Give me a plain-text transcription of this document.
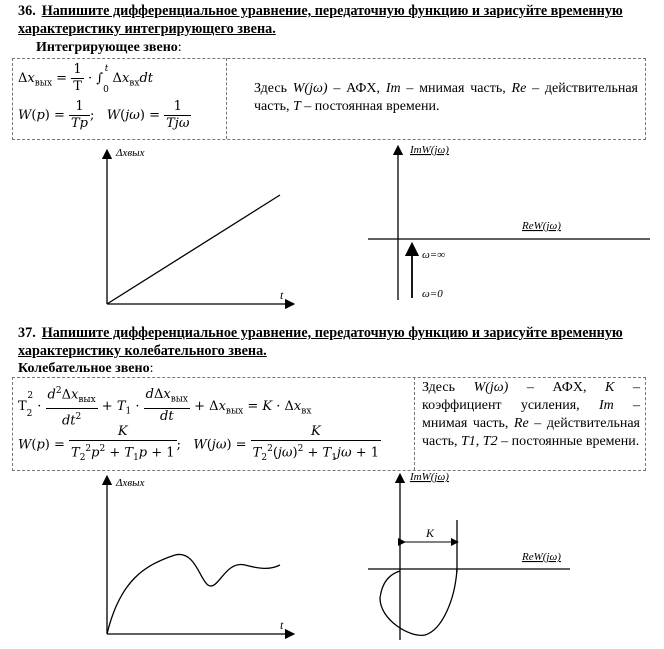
36. Напишите дифференциальное уравнение, передаточную функцию и зарисуйте временную характеристику интегрирующего звена.
Интегрирующее звено:
$\Delta x_{вых} = \frac{1}{T} \cdot \int_0^t$ $\Delta x_{вх}dt$
$W(p) = \frac{1}{Tp}$ ;   $W(j\omega) = \frac{1}{\text{Tjω}}$
Здесь W(jω) – АФХ, Im – мнимая часть, Re – действительная часть, T – постоянная времени.
Δxвых
t
ImW(jω)
ReW(jω)
ω=∞
ω=0
37. Напишите дифференциальное уравнение, передаточную функцию и зарисуйте временную характеристику колебательного звена.
Колебательное звено:
$T_2^2 \cdot \frac{d^2\Delta x_{вых}}{dt^2} + T_1 \cdot \frac{d\Delta x_{вых}}{dt} + \Delta x_{вых} = K \cdot \Delta x_{вх}$
$W(p) = \frac{K}{T_2^2p^2 + T_1p + 1}$ ;   $W(j\omega) = \frac{K}{T_2^2(j\omega)^2 + T_1j\omega + 1}$
Здесь W(jω) – АФХ, K – коэффициент усиления, Im – мнимая часть, Re – действительная часть, T1, T2 – постоянные времени.
Δxвых
t
ImW(jω)
ReW(jω)
K
